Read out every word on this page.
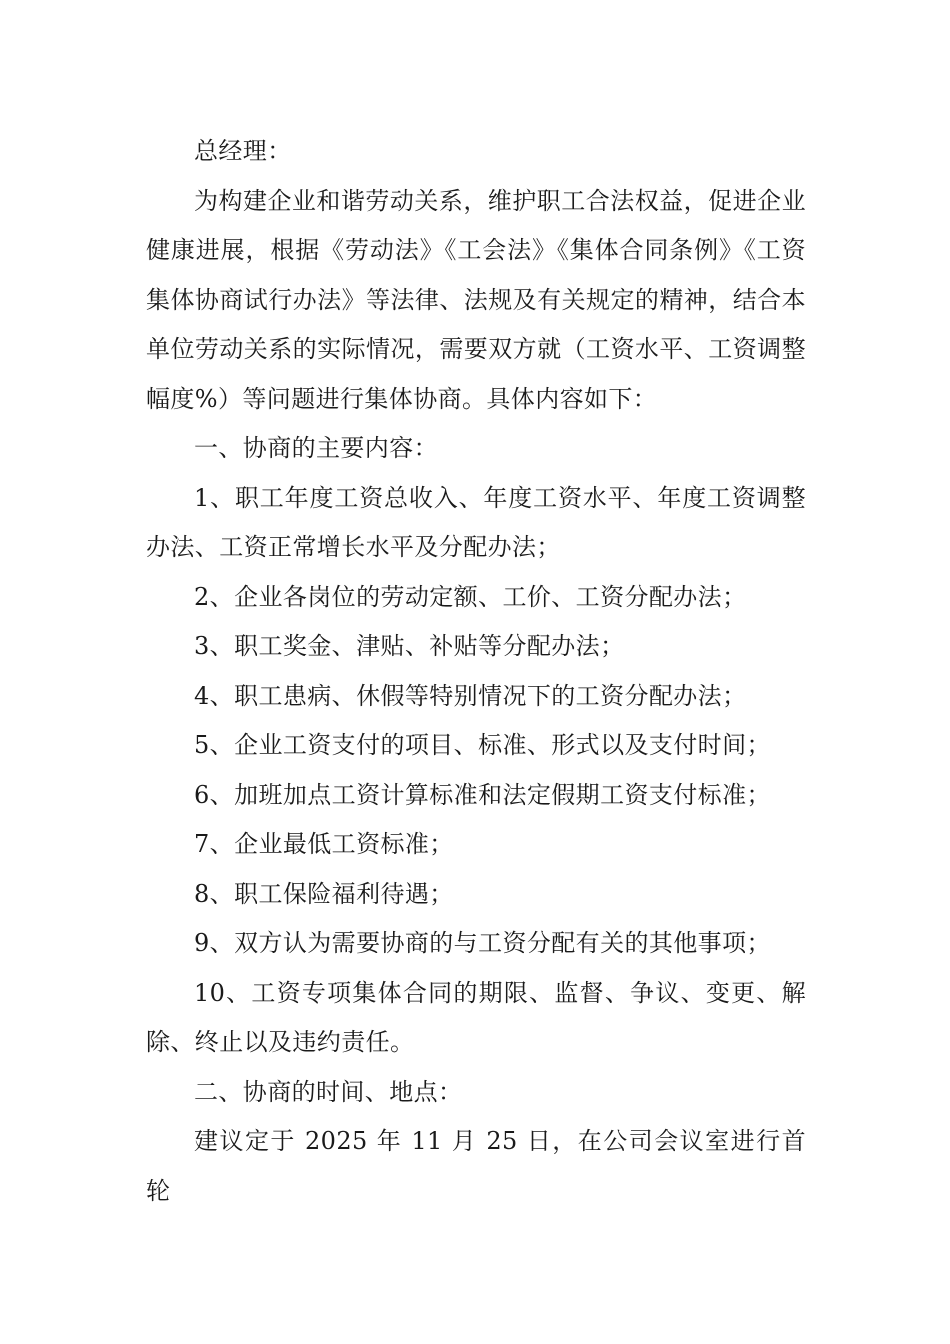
总经理：

为构建企业和谐劳动关系，维护职工合法权益，促进企业健康进展，根据《劳动法》《工会法》《集体合同条例》《工资集体协商试行办法》等法律、法规及有关规定的精神，结合本单位劳动关系的实际情况，需要双方就（工资水平、工资调整幅度%）等问题进行集体协商。具体内容如下：

一、协商的主要内容：

1、职工年度工资总收入、年度工资水平、年度工资调整办法、工资正常增长水平及分配办法；

2、企业各岗位的劳动定额、工价、工资分配办法；

3、职工奖金、津贴、补贴等分配办法；

4、职工患病、休假等特别情况下的工资分配办法；

5、企业工资支付的项目、标准、形式以及支付时间；

6、加班加点工资计算标准和法定假期工资支付标准；

7、企业最低工资标准；

8、职工保险福利待遇；

9、双方认为需要协商的与工资分配有关的其他事项；

10、工资专项集体合同的期限、监督、争议、变更、解除、终止以及违约责任。

二、协商的时间、地点：

建议定于 2025 年 11 月 25 日，在公司会议室进行首轮
